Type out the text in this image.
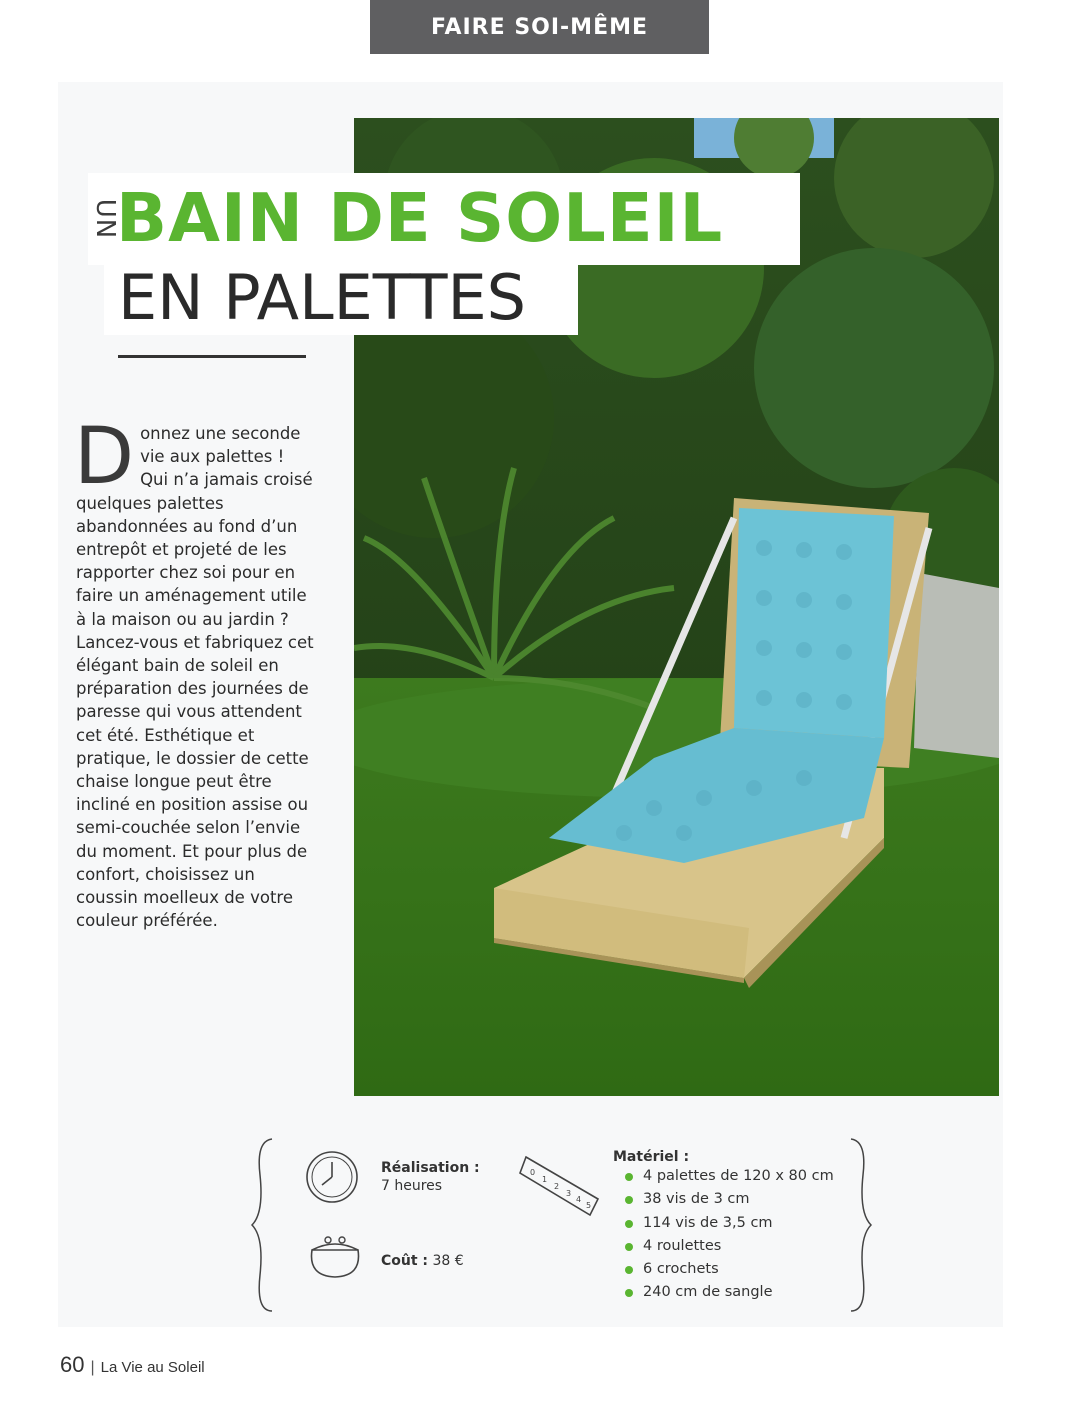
FAIRE SOI-MÊME
UN
BAIN DE SOLEIL
EN PALETTES
Donnez une seconde vie aux palettes ! Qui n’a jamais croisé quelques palettes abandonnées au fond d’un entrepôt et projeté de les rapporter chez soi pour en faire un aménagement utile à la maison ou au jardin ? Lancez-vous et fabriquez cet élégant bain de soleil en préparation des journées de paresse qui vous attendent cet été. Esthétique et pratique, le dossier de cette chaise longue peut être incliné en position assise ou semi-couchée selon l’envie du moment. Et pour plus de confort, choisissez un coussin moelleux de votre couleur préférée.
Réalisation :
7 heures
Coût : 38 €
0
1
2
3
4
5
Matériel :
4 palettes de 120 x 80 cm
38 vis de 3 cm
114 vis de 3,5 cm
4 roulettes
6 crochets
240 cm de sangle
60 | La Vie au Soleil
